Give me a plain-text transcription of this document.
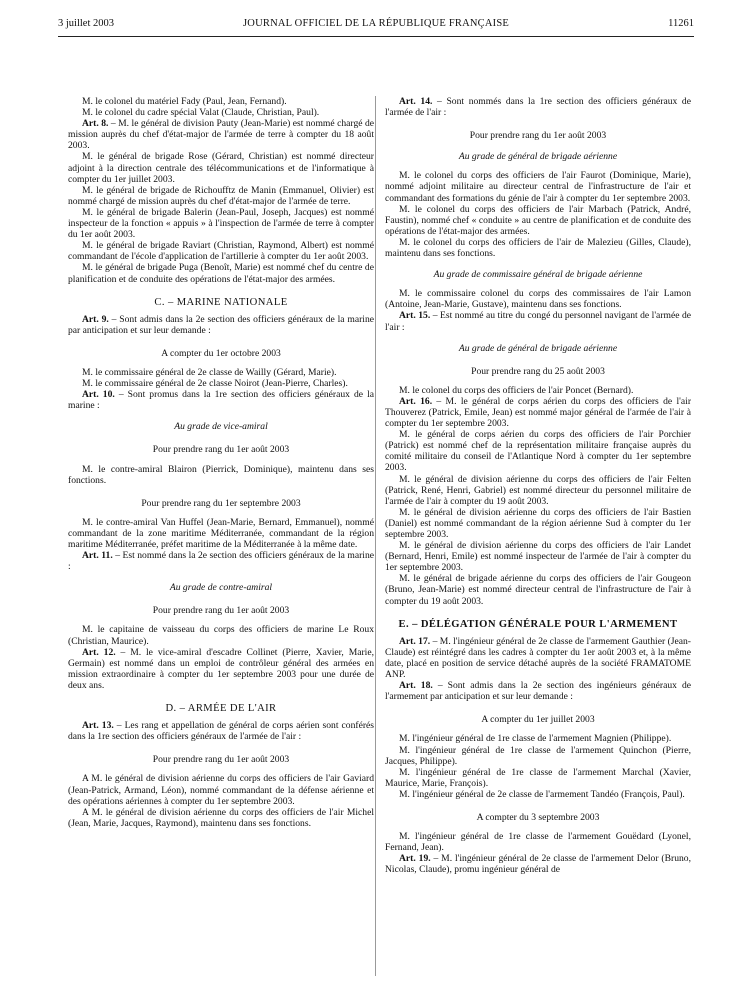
3 juillet 2003	JOURNAL OFFICIEL DE LA RÉPUBLIQUE FRANÇAISE	11261

M. le colonel du matériel Fady (Paul, Jean, Fernand).

M. le colonel du cadre spécial Valat (Claude, Christian, Paul).

Art. 8. – M. le général de division Pauty (Jean-Marie) est nommé chargé de mission auprès du chef d'état-major de l'armée de terre à compter du 18 août 2003.

M. le général de brigade Rose (Gérard, Christian) est nommé directeur adjoint à la direction centrale des télécommunications et de l'informatique à compter du 1er juillet 2003.

M. le général de brigade de Richoufftz de Manin (Emmanuel, Olivier) est nommé chargé de mission auprès du chef d'état-major de l'armée de terre.

M. le général de brigade Balerin (Jean-Paul, Joseph, Jacques) est nommé inspecteur de la fonction « appuis » à l'inspection de l'armée de terre à compter du 1er août 2003.

M. le général de brigade Raviart (Christian, Raymond, Albert) est nommé commandant de l'école d'application de l'artillerie à compter du 1er août 2003.

M. le général de brigade Puga (Benoît, Marie) est nommé chef du centre de planification et de conduite des opérations de l'état-major des armées.

C. – MARINE NATIONALE

Art. 9. – Sont admis dans la 2e section des officiers généraux de la marine par anticipation et sur leur demande :

A compter du 1er octobre 2003

M. le commissaire général de 2e classe de Wailly (Gérard, Marie).

M. le commissaire général de 2e classe Noirot (Jean-Pierre, Charles).

Art. 10. – Sont promus dans la 1re section des officiers généraux de la marine :

Au grade de vice-amiral

Pour prendre rang du 1er août 2003

M. le contre-amiral Blairon (Pierrick, Dominique), maintenu dans ses fonctions.

Pour prendre rang du 1er septembre 2003

M. le contre-amiral Van Huffel (Jean-Marie, Bernard, Emmanuel), nommé commandant de la zone maritime Méditerranée, commandant de la région maritime Méditerranée, préfet maritime de la Méditerranée à la même date.

Art. 11. – Est nommé dans la 2e section des officiers généraux de la marine :

Au grade de contre-amiral

Pour prendre rang du 1er août 2003

M. le capitaine de vaisseau du corps des officiers de marine Le Roux (Christian, Maurice).

Art. 12. – M. le vice-amiral d'escadre Collinet (Pierre, Xavier, Marie, Germain) est nommé dans un emploi de contrôleur général des armées en mission extraordinaire à compter du 1er septembre 2003 pour une durée de deux ans.

D. – ARMÉE DE L'AIR

Art. 13. – Les rang et appellation de général de corps aérien sont conférés dans la 1re section des officiers généraux de l'armée de l'air :

Pour prendre rang du 1er août 2003

A M. le général de division aérienne du corps des officiers de l'air Gaviard (Jean-Patrick, Armand, Léon), nommé commandant de la défense aérienne et des opérations aériennes à compter du 1er septembre 2003.

A M. le général de division aérienne du corps des officiers de l'air Michel (Jean, Marie, Jacques, Raymond), maintenu dans ses fonctions.

Art. 14. – Sont nommés dans la 1re section des officiers généraux de l'armée de l'air :

Pour prendre rang du 1er août 2003

Au grade de général de brigade aérienne

M. le colonel du corps des officiers de l'air Faurot (Dominique, Marie), nommé adjoint militaire au directeur central de l'infrastructure de l'air et commandant des formations du génie de l'air à compter du 1er septembre 2003.

M. le colonel du corps des officiers de l'air Marbach (Patrick, André, Faustin), nommé chef « conduite » au centre de planification et de conduite des opérations de l'état-major des armées.

M. le colonel du corps des officiers de l'air de Malezieu (Gilles, Claude), maintenu dans ses fonctions.

Au grade de commissaire général de brigade aérienne

M. le commissaire colonel du corps des commissaires de l'air Lamon (Antoine, Jean-Marie, Gustave), maintenu dans ses fonctions.

Art. 15. – Est nommé au titre du congé du personnel navigant de l'armée de l'air :

Au grade de général de brigade aérienne

Pour prendre rang du 25 août 2003

M. le colonel du corps des officiers de l'air Poncet (Bernard).

Art. 16. – M. le général de corps aérien du corps des officiers de l'air Thouverez (Patrick, Emile, Jean) est nommé major général de l'armée de l'air à compter du 1er septembre 2003.

M. le général de corps aérien du corps des officiers de l'air Porchier (Patrick) est nommé chef de la représentation militaire française auprès du comité militaire du conseil de l'Atlantique Nord à compter du 1er septembre 2003.

M. le général de division aérienne du corps des officiers de l'air Felten (Patrick, René, Henri, Gabriel) est nommé directeur du personnel militaire de l'armée de l'air à compter du 19 août 2003.

M. le général de division aérienne du corps des officiers de l'air Bastien (Daniel) est nommé commandant de la région aérienne Sud à compter du 1er septembre 2003.

M. le général de division aérienne du corps des officiers de l'air Landet (Bernard, Henri, Emile) est nommé inspecteur de l'armée de l'air à compter du 1er septembre 2003.

M. le général de brigade aérienne du corps des officiers de l'air Gougeon (Bruno, Jean-Marie) est nommé directeur central de l'infrastructure de l'air à compter du 19 août 2003.

E. – DÉLÉGATION GÉNÉRALE POUR L'ARMEMENT

Art. 17. – M. l'ingénieur général de 2e classe de l'armement Gauthier (Jean-Claude) est réintégré dans les cadres à compter du 1er août 2003 et, à la même date, placé en position de service détaché auprès de la société FRAMATOME ANP.

Art. 18. – Sont admis dans la 2e section des ingénieurs généraux de l'armement par anticipation et sur leur demande :

A compter du 1er juillet 2003

M. l'ingénieur général de 1re classe de l'armement Magnien (Philippe).

M. l'ingénieur général de 1re classe de l'armement Quinchon (Pierre, Jacques, Philippe).

M. l'ingénieur général de 1re classe de l'armement Marchal (Xavier, Maurice, Marie, François).

M. l'ingénieur général de 2e classe de l'armement Tandéo (François, Paul).

A compter du 3 septembre 2003

M. l'ingénieur général de 1re classe de l'armement Gouëdard (Lyonel, Fernand, Jean).

Art. 19. – M. l'ingénieur général de 2e classe de l'armement Delor (Bruno, Nicolas, Claude), promu ingénieur général de
